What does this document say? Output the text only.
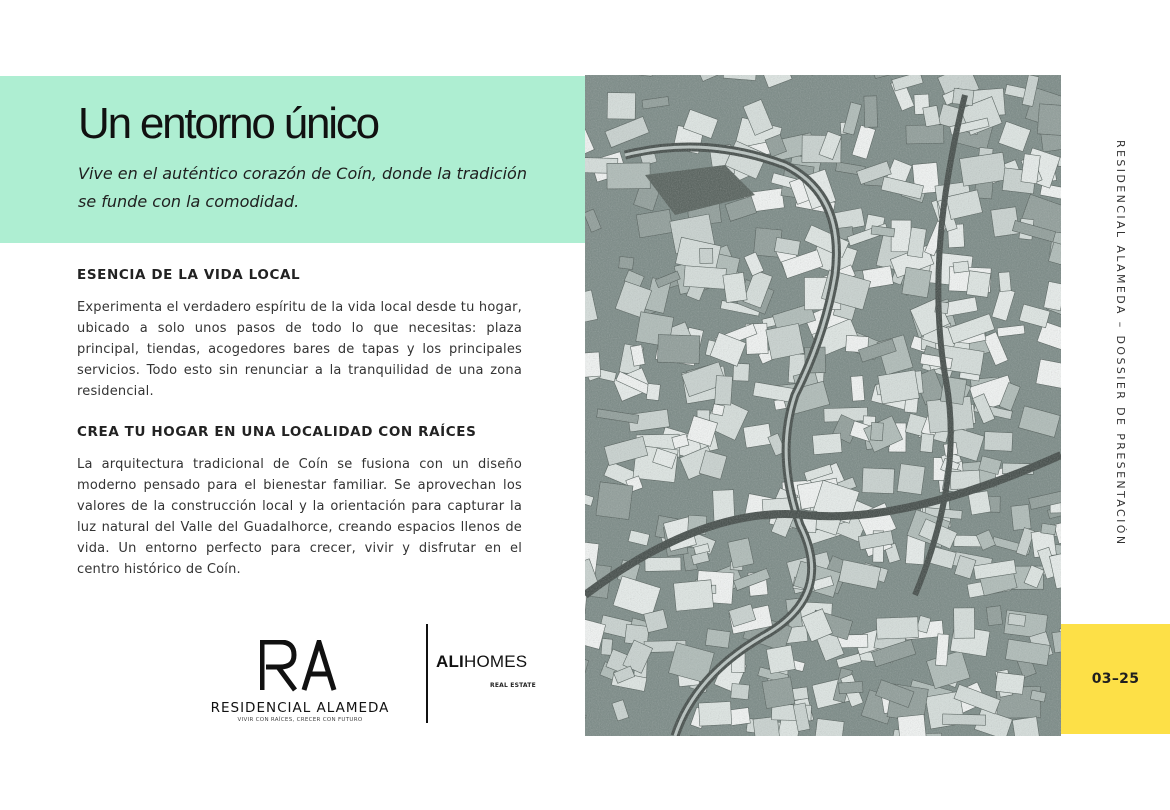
Un entorno único

Vive en el auténtico corazón de Coín, donde la tradición se funde con la comodidad.

ESENCIA DE LA VIDA LOCAL

Experimenta el verdadero espíritu de la vida local desde tu hogar, ubicado a solo unos pasos de todo lo que necesitas: plaza principal, tiendas, acogedores bares de tapas y los principales servicios. Todo esto sin renunciar a la tranquilidad de una zona residencial.

CREA TU HOGAR EN UNA LOCALIDAD CON RAÍCES

La arquitectura tradicional de Coín se fusiona con un diseño moderno pensado para el bienestar familiar. Se aprovechan los valores de la construcción local y la orientación para capturar la luz natural del Valle del Guadalhorce, creando espacios llenos de vida. Un entorno perfecto para crecer, vivir y disfrutar en el centro histórico de Coín.

RESIDENCIAL ALAMEDA
VIVIR CON RAÍCES, CRECER CON FUTURO
ALIHOMES
REAL ESTATE
RESIDENCIAL ALAMEDA – DOSSIER DE PRESENTACIÓN
03–25
